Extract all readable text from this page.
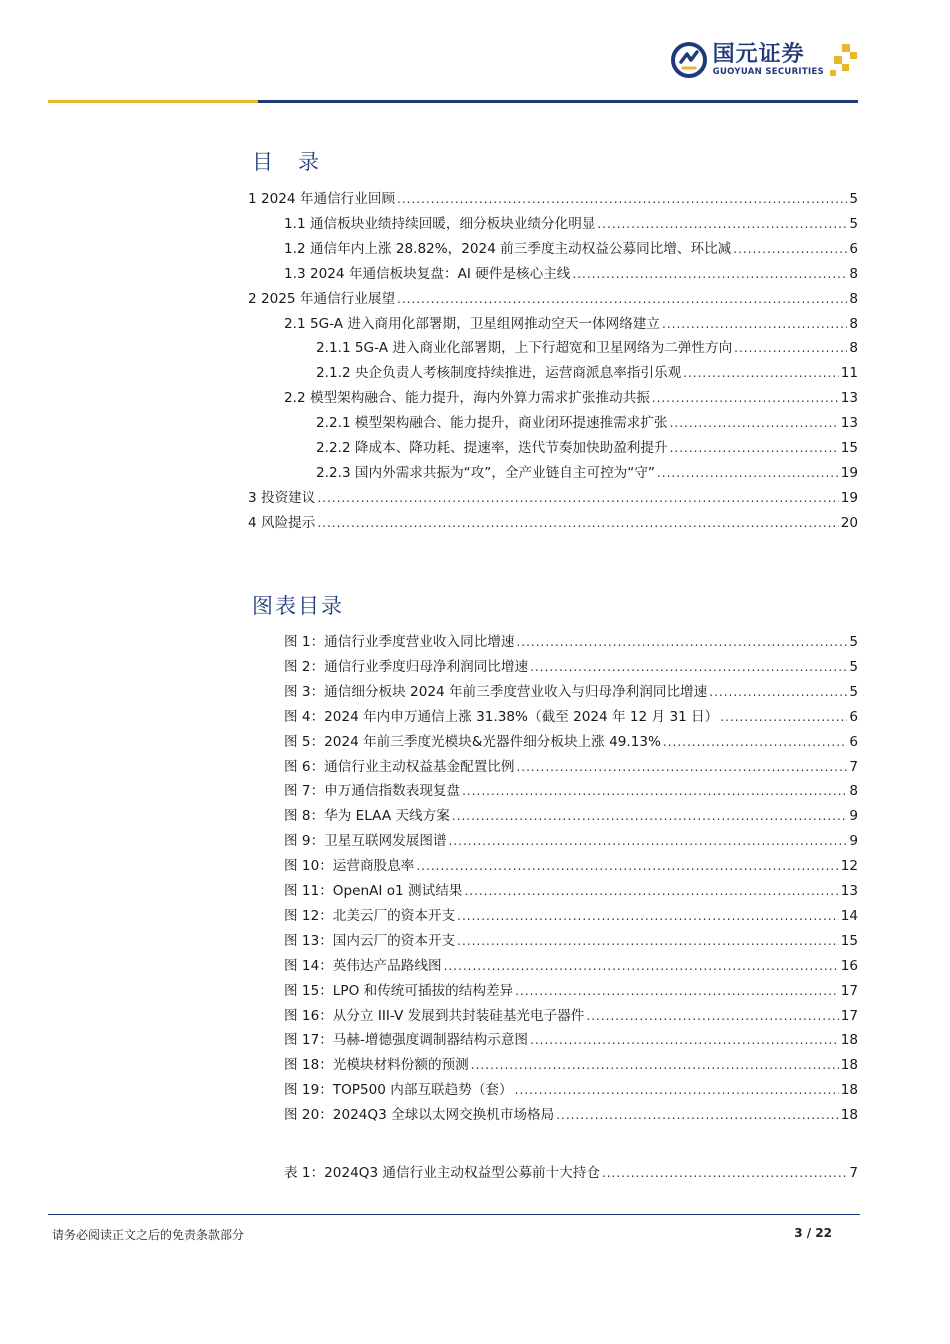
国元证券
GUOYUAN SECURITIES
目　录
1 2024 年通信行业回顾 .....	5
1.1 通信板块业绩持续回暖，细分板块业绩分化明显 .....	5
1.2 通信年内上涨 28.82%，2024 前三季度主动权益公募同比增、环比减 .....	6
1.3 2024 年通信板块复盘：AI 硬件是核心主线 .....	8
2 2025 年通信行业展望 .....	8
2.1 5G-A 进入商用化部署期，卫星组网推动空天一体网络建立 .....	8
2.1.1 5G-A 进入商业化部署期，上下行超宽和卫星网络为二弹性方向 .....	8
2.1.2 央企负责人考核制度持续推进，运营商派息率指引乐观 .....	11
2.2 模型架构融合、能力提升，海内外算力需求扩张推动共振 .....	13
2.2.1 模型架构融合、能力提升，商业闭环提速推需求扩张 .....	13
2.2.2 降成本、降功耗、提速率，迭代节奏加快助盈利提升 .....	15
2.2.3 国内外需求共振为“攻”，全产业链自主可控为“守” .....	19
3 投资建议 .....	19
4 风险提示 .....	20
图表目录
图 1：通信行业季度营业收入同比增速 .....	5
图 2：通信行业季度归母净利润同比增速 .....	5
图 3：通信细分板块 2024 年前三季度营业收入与归母净利润同比增速 .....	5
图 4：2024 年内申万通信上涨 31.38%（截至 2024 年 12 月 31 日） .....	6
图 5：2024 年前三季度光模块&光器件细分板块上涨 49.13% .....	6
图 6：通信行业主动权益基金配置比例 .....	7
图 7：申万通信指数表现复盘 .....	8
图 8：华为 ELAA 天线方案 .....	9
图 9：卫星互联网发展图谱 .....	9
图 10：运营商股息率 .....	12
图 11：OpenAI o1 测试结果 .....	13
图 12：北美云厂的资本开支 .....	14
图 13：国内云厂的资本开支 .....	15
图 14：英伟达产品路线图 .....	16
图 15：LPO 和传统可插拔的结构差异 .....	17
图 16：从分立 III-V 发展到共封装硅基光电子器件 .....	17
图 17：马赫-增德强度调制器结构示意图 .....	18
图 18：光模块材料份额的预测 .....	18
图 19：TOP500 内部互联趋势（套） .....	18
图 20：2024Q3 全球以太网交换机市场格局 .....	18
表 1：2024Q3 通信行业主动权益型公募前十大持仓 .....	7
请务必阅读正文之后的免责条款部分	3 / 22
